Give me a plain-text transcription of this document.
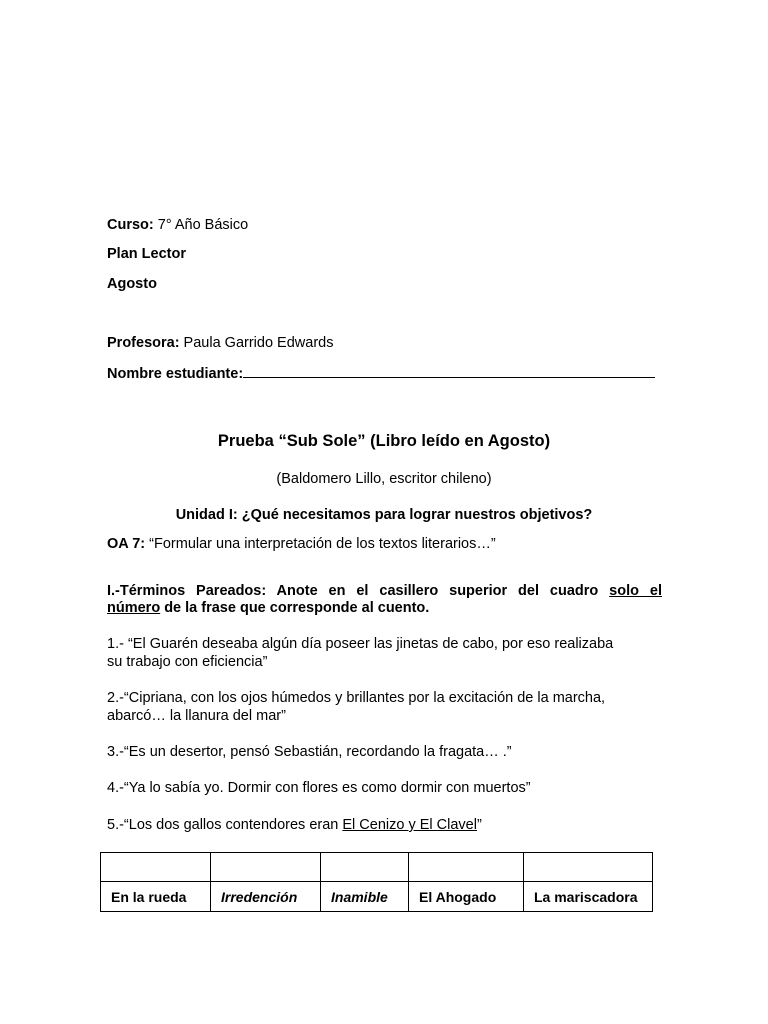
Curso: 7° Año Básico
Plan Lector
Agosto
Profesora: Paula Garrido Edwards
Nombre estudiante:
Prueba “Sub Sole” (Libro leído en Agosto)
(Baldomero Lillo, escritor chileno)
Unidad I: ¿Qué necesitamos para lograr nuestros objetivos?
OA 7: “Formular una interpretación de los textos literarios…”
I.-Términos Pareados: Anote en el casillero superior del cuadro solo el
número de la frase que corresponde al cuento.
1.- “El Guarén deseaba algún día poseer las jinetas de cabo, por eso realizaba
su trabajo con eficiencia”
2.-“Cipriana, con los ojos húmedos y brillantes por la excitación de la marcha,
abarcó… la llanura del mar”
3.-“Es un desertor, pensó Sebastián, recordando la fragata… .”
4.-“Ya lo sabía yo. Dormir con flores es como dormir con muertos”
5.-“Los dos gallos contendores eran El Cenizo y El Clavel”

En la rueda	Irredención	Inamible	El Ahogado	La mariscadora
